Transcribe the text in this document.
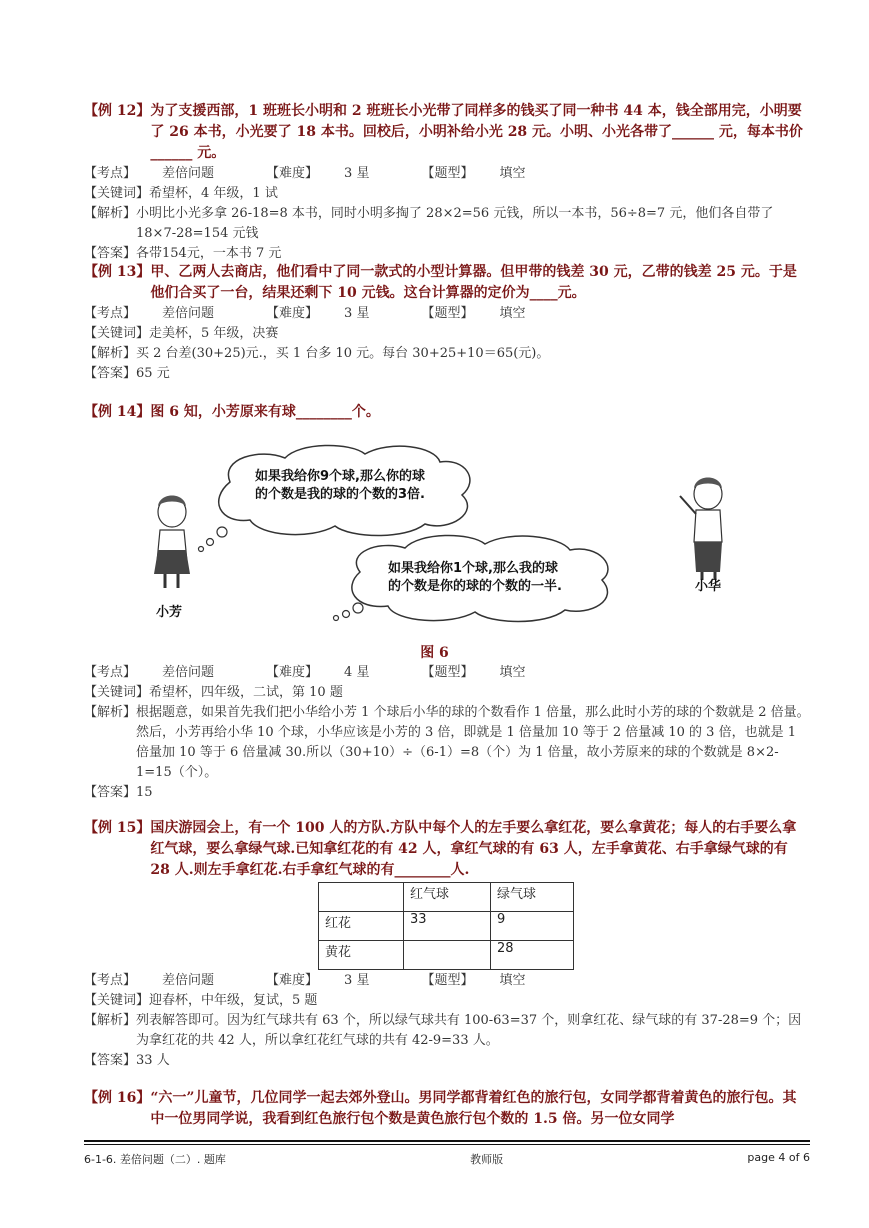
【例 12】 为了支援西部，1 班班长小明和 2 班班长小光带了同样多的钱买了同一种书 44 本，钱全部用完，小明要了 26 本书，小光要了 18 本书。回校后，小明补给小光 28 元。小明、小光各带了______ 元，每本书价______ 元。
【考点】 差倍问题	【难度】 3 星	【题型】 填空
【关键词】 希望杯，4 年级，1 试
【解析】 小明比小光多拿 26-18=8 本书，同时小明多掏了 28×2=56 元钱，所以一本书，56÷8=7 元，他们各自带了 18×7-28=154 元钱
【答案】 各带154元，一本书 7 元
【例 13】 甲、乙两人去商店，他们看中了同一款式的小型计算器。但甲带的钱差 30 元，乙带的钱差 25 元。于是他们合买了一台，结果还剩下 10 元钱。这台计算器的定价为____元。
【考点】 差倍问题	【难度】 3 星	【题型】 填空
【关键词】 走美杯，5 年级，决赛
【解析】 买 2 台差(30+25)元.，买 1 台多 10 元。每台 30+25+10＝65(元)。
【答案】 65 元
【例 14】 图 6 知，小芳原来有球________个。
如果我给你9个球,那么你的球
的个数是我的球的个数的3倍.
如果我给你1个球,那么我的球
的个数是你的球的个数的一半.
小芳
小华
图 6
【考点】 差倍问题	【难度】 4 星	【题型】 填空
【关键词】 希望杯，四年级，二试，第 10 题
【解析】 根据题意，如果首先我们把小华给小芳 1 个球后小华的球的个数看作 1 倍量，那么此时小芳的球的个数就是 2 倍量。然后，小芳再给小华 10 个球，小华应该是小芳的 3 倍，即就是 1 倍量加 10 等于 2 倍量减 10 的 3 倍，也就是 1 倍量加 10 等于 6 倍量减 30.所以（30+10）÷（6-1）=8（个）为 1 倍量，故小芳原来的球的个数就是 8×2-1=15（个）。
【答案】 15
【例 15】 国庆游园会上，有一个 100 人的方队.方队中每个人的左手要么拿红花，要么拿黄花；每人的右手要么拿红气球，要么拿绿气球.已知拿红花的有 42 人，拿红气球的有 63 人，左手拿黄花、右手拿绿气球的有 28 人.则左手拿红花.右手拿红气球的有________人.
	红气球	绿气球
红花	33	9
黄花		28
【考点】 差倍问题	【难度】 3 星	【题型】 填空
【关键词】 迎春杯，中年级，复试，5 题
【解析】 列表解答即可。因为红气球共有 63 个，所以绿气球共有 100-63=37 个，则拿红花、绿气球的有 37-28=9 个；因为拿红花的共 42 人，所以拿红花红气球的共有 42-9=33 人。
【答案】 33 人
【例 16】 “六一”儿童节，几位同学一起去郊外登山。男同学都背着红色的旅行包，女同学都背着黄色的旅行包。其中一位男同学说，我看到红色旅行包个数是黄色旅行包个数的 1.5 倍。另一位女同学
6-1-6. 差倍问题（二）. 题库	教师版	page 4 of 6
